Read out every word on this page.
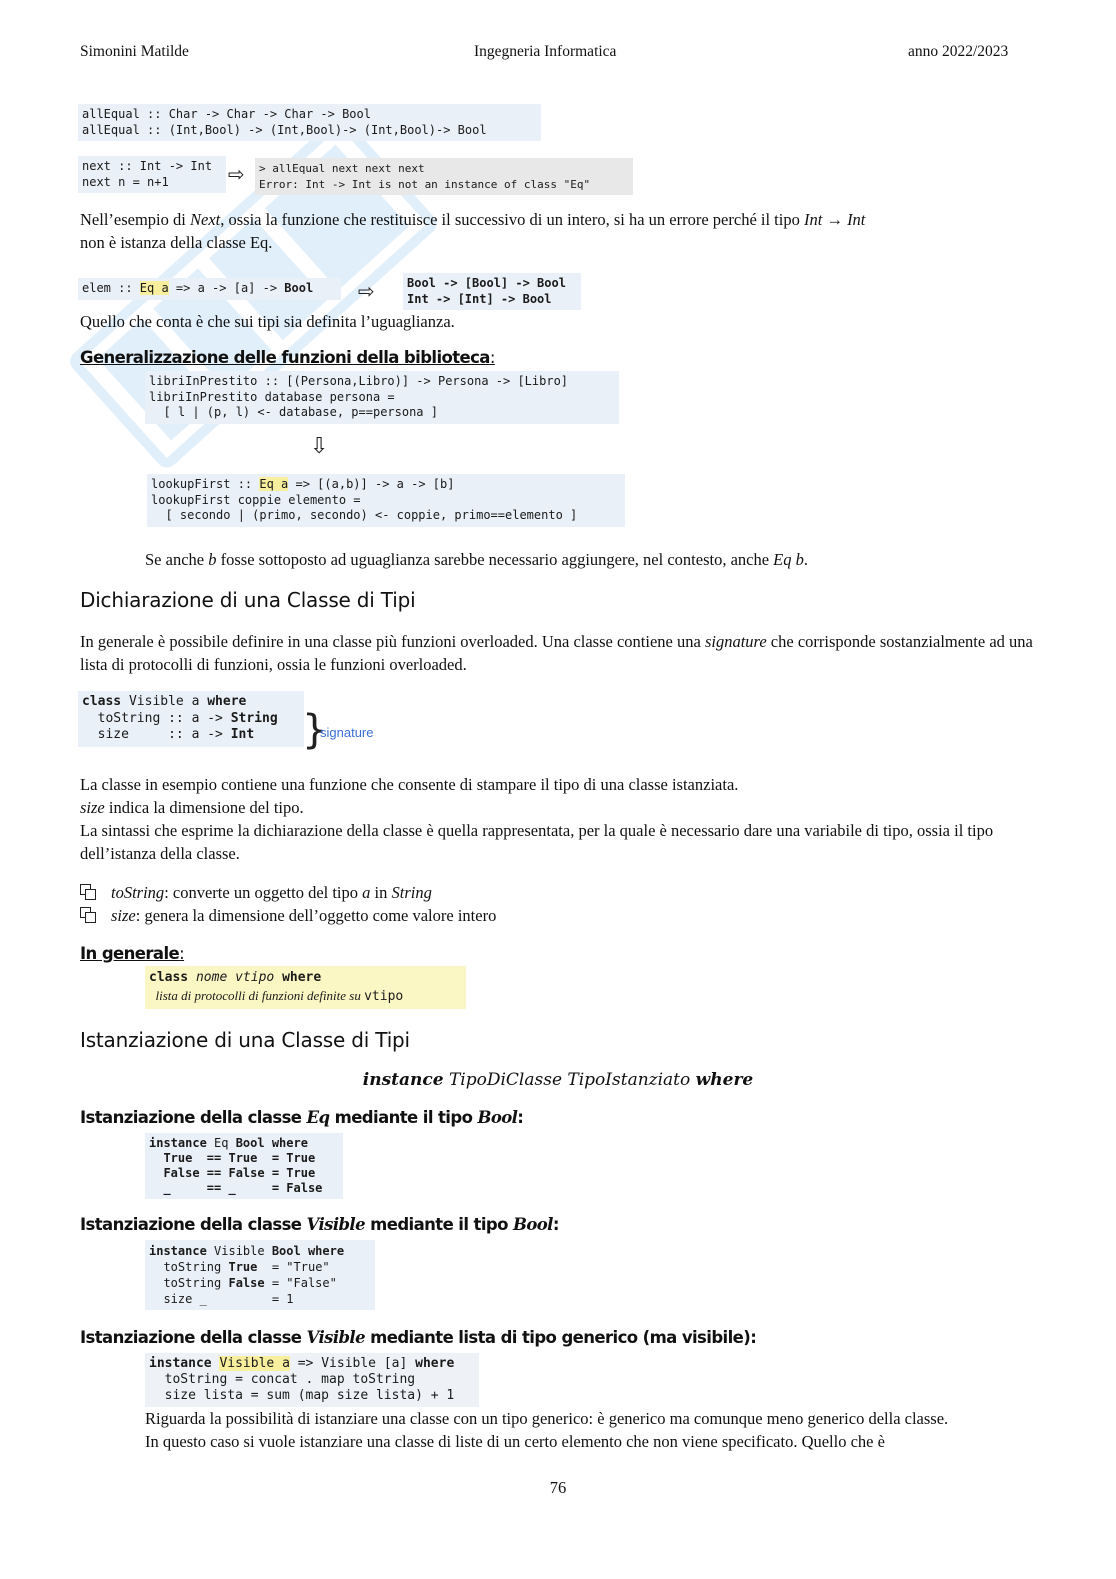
Simonini Matilde	Ingegneria Informatica	anno 2022/2023
allEqual :: Char -> Char -> Char -> Bool
allEqual :: (Int,Bool) -> (Int,Bool)-> (Int,Bool)-> Bool
next :: Int -> Int
next n = n+1	⇨ > allEqual next next next
Error: Int -> Int is not an instance of class "Eq"
Nell’esempio di Next, ossia la funzione che restituisce il successivo di un intero, si ha un errore perché il tipo Int → Int
non è istanza della classe Eq.
elem :: Eq a => a -> [a] -> Bool	⇨	Bool -> [Bool] -> Bool
Int -> [Int] -> Bool
Quello che conta è che sui tipi sia definita l’uguaglianza.
Generalizzazione delle funzioni della biblioteca:
libriInPrestito :: [(Persona,Libro)] -> Persona -> [Libro]
libriInPrestito database persona =
[ l | (p, l) <- database, p==persona ]
⇩
lookupFirst :: Eq a => [(a,b)] -> a -> [b]
lookupFirst coppie elemento =
[ secondo | (primo, secondo) <- coppie, primo==elemento ]
Se anche b fosse sottoposto ad uguaglianza sarebbe necessario aggiungere, nel contesto, anche Eq b.
Dichiarazione di una Classe di Tipi
In generale è possibile definire in una classe più funzioni overloaded. Una classe contiene una signature che corrisponde sostanzialmente ad una lista di protocolli di funzioni, ossia le funzioni overloaded.
class Visible a where
toString :: a -> String
size     :: a -> Int	}
signature
La classe in esempio contiene una funzione che consente di stampare il tipo di una classe istanziata.
size indica la dimensione del tipo.
La sintassi che esprime la dichiarazione della classe è quella rappresentata, per la quale è necessario dare una variabile di tipo, ossia il tipo dell’istanza della classe.
toString: converte un oggetto del tipo a in String
size: genera la dimensione dell’oggetto come valore intero
In generale:
class nome vtipo where
lista di protocolli di funzioni definite su vtipo
Istanziazione di una Classe di Tipi
instance TipoDiClasse TipoIstanziato where
Istanziazione della classe Eq mediante il tipo Bool:
instance Eq Bool where
True  == True  = True
False == False = True
_     == _     = False
Istanziazione della classe Visible mediante il tipo Bool:
instance Visible Bool where
toString True  = "True"
toString False = "False"
size _         = 1
Istanziazione della classe Visible mediante lista di tipo generico (ma visibile):
instance Visible a => Visible [a] where
toString = concat . map toString
size lista = sum (map size lista) + 1
Riguarda la possibilità di istanziare una classe con un tipo generico: è generico ma comunque meno generico della classe.
In questo caso si vuole istanziare una classe di liste di un certo elemento che non viene specificato. Quello che è
76
